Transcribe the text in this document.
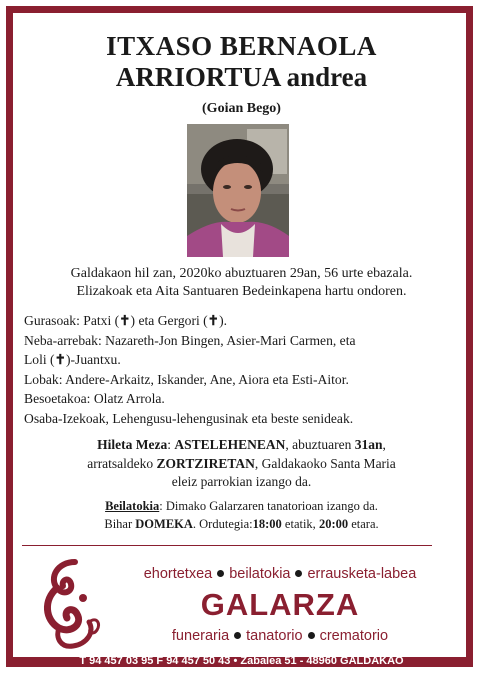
ITXASO BERNAOLA
ARRIORTUA andrea
(Goian Bego)
Galdakaon hil zan, 2020ko abuztuaren 29an, 56 urte ebazala.
Elizakoak eta Aita Santuaren Bedeinkapena hartu ondoren.

Gurasoak: Patxi (✝) eta Gergori (✝).

Neba-arrebak: Nazareth-Jon Bingen, Asier-Mari Carmen, eta

Loli (✝)-Juantxu.

Lobak: Andere-Arkaitz, Iskander, Ane, Aiora eta Esti-Aitor.

Besoetakoa: Olatz Arrola.

Osaba-Izekoak, Lehengusu-lehengusinak eta beste senideak.

Hileta Meza: ASTELEHENEAN, abuztuaren 31an,
arratsaldeko ZORTZIRETAN, Galdakaoko Santa Maria
eleiz parrokian izango da.
Beilatokia: Dimako Galarzaren tanatorioan izango da.
Bihar DOMEKA. Ordutegia:18:00 etatik, 20:00 etara.
ehortetxea beilatokia errausketa-labea
GALARZA
funeraria tanatorio crematorio
T 94 457 03 95 F 94 457 50 43 • Zabalea 51 - 48960 GALDAKAO
